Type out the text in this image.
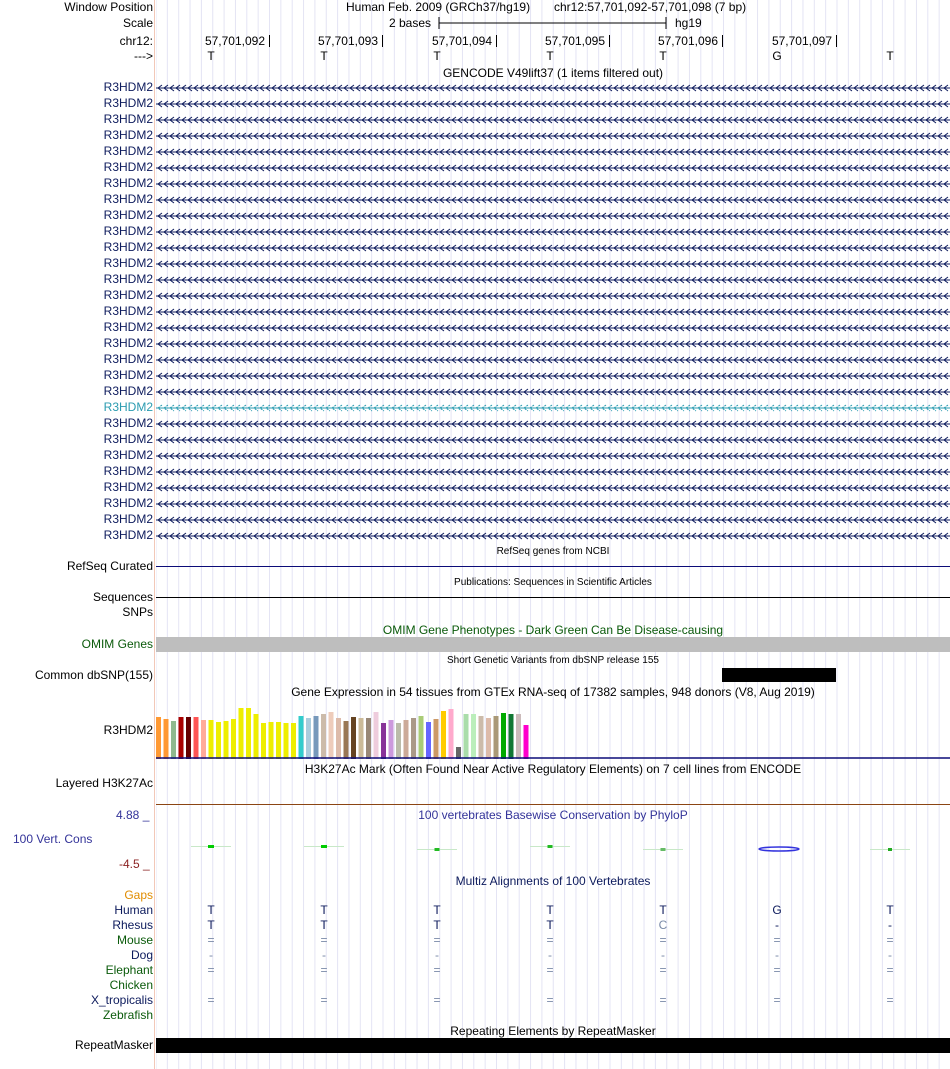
Window Position
Scale
chr12:
--->
Human Feb. 2009 (GRCh37/hg19) chr12:57,701,092-57,701,098 (7 bp)
2 bases	hg19
57,701,092	57,701,093	57,701,094	57,701,095	57,701,096	57,701,097
T	T	T	T	T	G	T
GENCODE V49lift37 (1 items filtered out)
R3HDM2
R3HDM2
R3HDM2
R3HDM2
R3HDM2
R3HDM2
R3HDM2
R3HDM2
R3HDM2
R3HDM2
R3HDM2
R3HDM2
R3HDM2
R3HDM2
R3HDM2
R3HDM2
R3HDM2
R3HDM2
R3HDM2
R3HDM2
R3HDM2
R3HDM2
R3HDM2
R3HDM2
R3HDM2
R3HDM2
R3HDM2
R3HDM2
R3HDM2
RefSeq genes from NCBI
RefSeq Curated
Publications: Sequences in Scientific Articles
Sequences
SNPs
OMIM Gene Phenotypes - Dark Green Can Be Disease-causing
OMIM Genes
Short Genetic Variants from dbSNP release 155
Common dbSNP(155)
Gene Expression in 54 tissues from GTEx RNA-seq of 17382 samples, 948 donors (V8, Aug 2019)
R3HDM2
H3K27Ac Mark (Often Found Near Active Regulatory Elements) on 7 cell lines from ENCODE
Layered H3K27Ac
100 vertebrates Basewise Conservation by PhyloP
4.88 _
100 Vert. Cons
-4.5 _
Multiz Alignments of 100 Vertebrates
Gaps
Human	T	T	T	T	T	G	T
Rhesus	T	T	T	T	C	-	-
Mouse	=	=	=	=	=	=	=
Dog	-	-	-	-	-	-	-
Elephant	=	=	=	=	=	=	=
Chicken
X_tropicalis	=	=	=	=	=	=	=
Zebrafish
Repeating Elements by RepeatMasker
RepeatMasker
